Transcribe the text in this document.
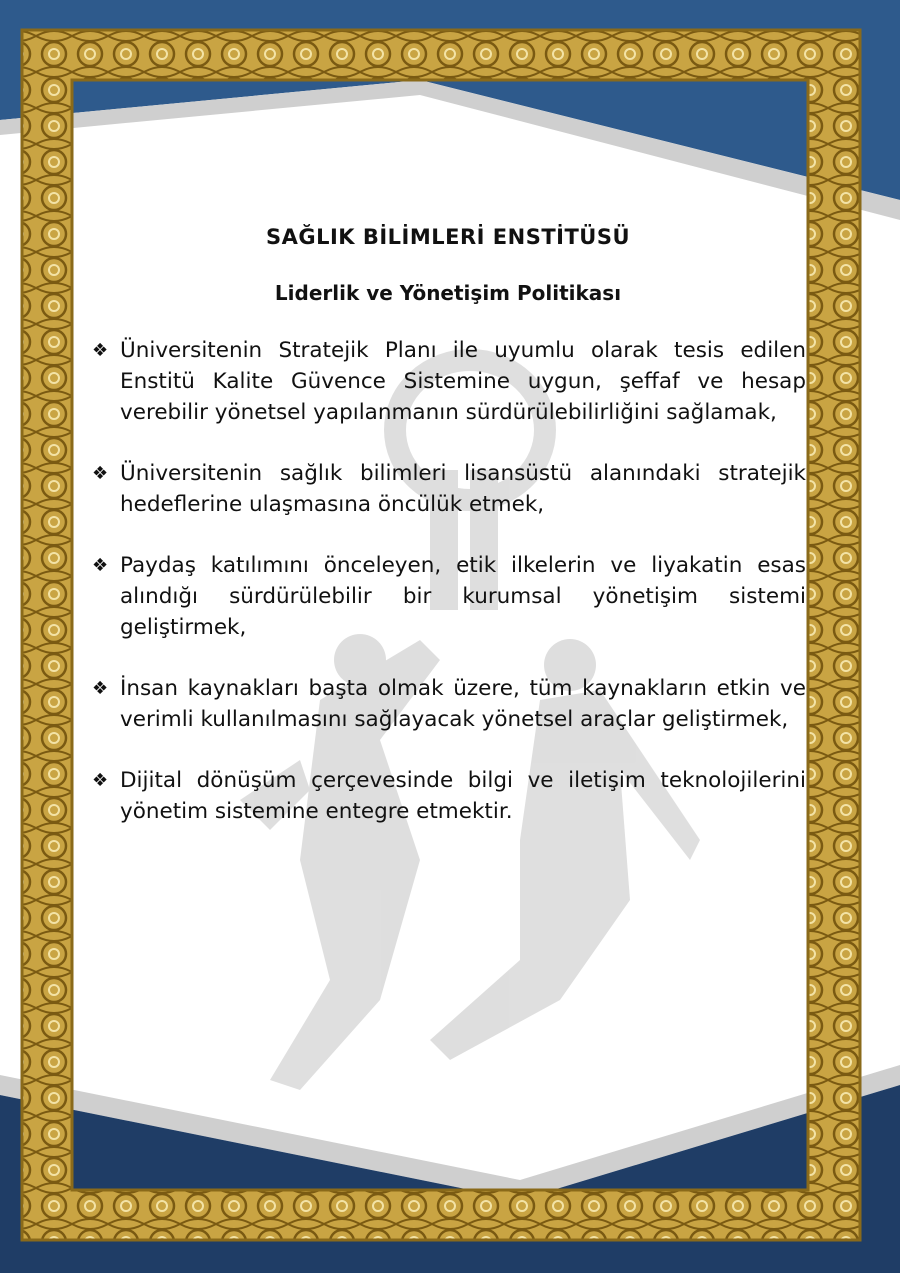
SAĞLIK BİLİMLERİ ENSTİTÜSÜ
Liderlik ve Yönetişim Politikası
❖ Üniversitenin Stratejik Planı ile uyumlu olarak tesis edilen Enstitü Kalite Güvence Sistemine uygun, şeffaf ve hesap verebilir yönetsel yapılanmanın sürdürülebilirliğini sağlamak,
❖ Üniversitenin sağlık bilimleri lisansüstü alanındaki stratejik hedeflerine ulaşmasına öncülük etmek,
❖ Paydaş katılımını önceleyen, etik ilkelerin ve liyakatin esas alındığı sürdürülebilir bir kurumsal yönetişim sistemi geliştirmek,
❖ İnsan kaynakları başta olmak üzere, tüm kaynakların etkin ve verimli kullanılmasını sağlayacak yönetsel araçlar geliştirmek,
❖ Dijital dönüşüm çerçevesinde bilgi ve iletişim teknolojilerini yönetim sistemine entegre etmektir.
